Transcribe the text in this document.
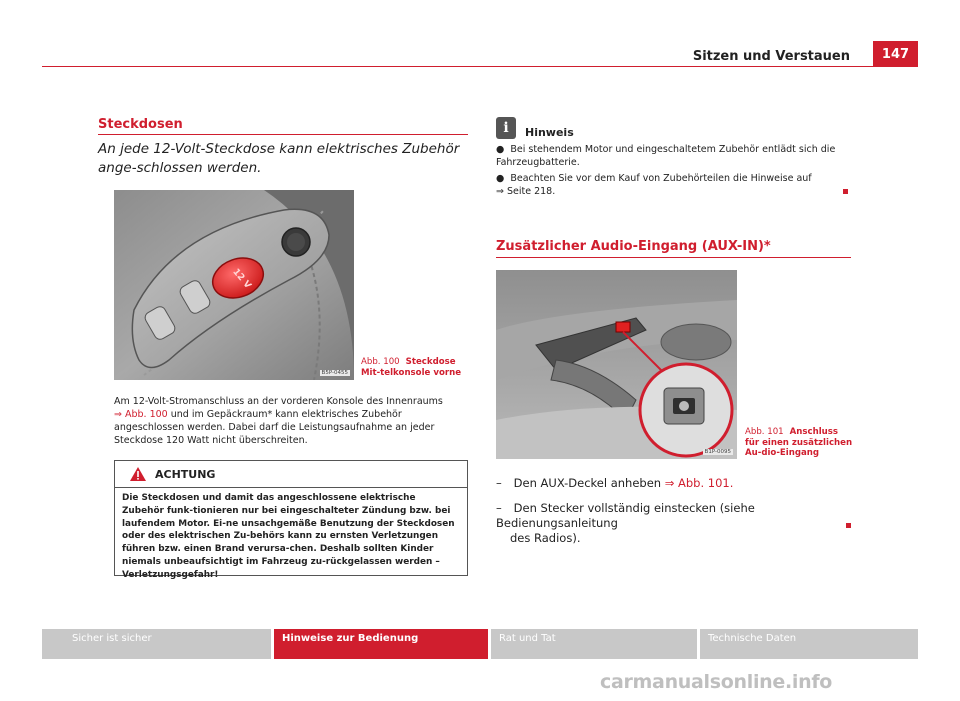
Sitzen und Verstauen	147
Steckdosen
An jede 12-Volt-Steckdose kann elektrisches Zubehör ange-schlossen werden.
12 V
B5P-0455
Abb. 100 Steckdose Mit-telkonsole vorne
Am 12-Volt-Stromanschluss an der vorderen Konsole des Innenraums
⇒ Abb. 100 und im Gepäckraum* kann elektrisches Zubehör angeschlossen werden. Dabei darf die Leistungsaufnahme an jeder Steckdose 120 Watt nicht überschreiten.
ACHTUNG
Die Steckdosen und damit das angeschlossene elektrische Zubehör funk-tionieren nur bei eingeschalteter Zündung bzw. bei laufendem Motor. Ei-ne unsachgemäße Benutzung der Steckdosen oder des elektrischen Zu-behörs kann zu ernsten Verletzungen führen bzw. einen Brand verursa-chen. Deshalb sollten Kinder niemals unbeaufsichtigt im Fahrzeug zu-rückgelassen werden – Verletzungsgefahr!
i	Hinweis
● Bei stehendem Motor und eingeschaltetem Zubehör entlädt sich die Fahrzeugbatterie.
● Beachten Sie vor dem Kauf von Zubehörteilen die Hinweise auf
⇒ Seite 218.
Zusätzlicher Audio-Eingang (AUX-IN)*
B1P-0095
Abb. 101 Anschluss für einen zusätzlichen Au-dio-Eingang
– Den AUX-Deckel anheben ⇒ Abb. 101.
– Den Stecker vollständig einstecken (siehe Bedienungsanleitung
des Radios).
Sicher ist sicher	Hinweise zur Bedienung	Rat und Tat	Technische Daten
carmanualsonline.info
